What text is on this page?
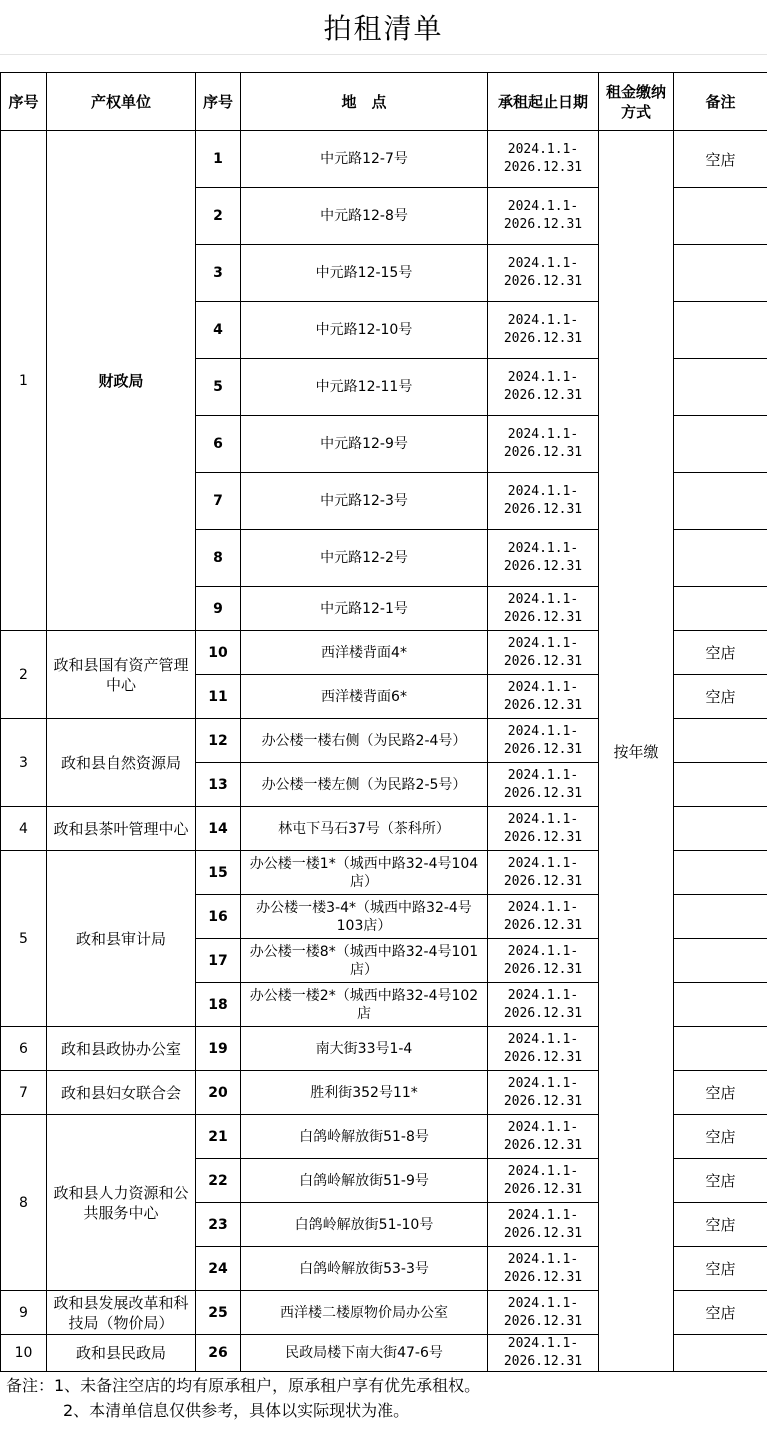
拍租清单
序号	产权单位	序号	地　点	承租起止日期	租金缴纳方式	备注
1	财政局	1	中元路12-7号	2024.1.1-
2026.12.31	按年缴	空店
		2	中元路12-8号	2024.1.1-
2026.12.31		

		3	中元路12-15号	2024.1.1-
2026.12.31		

		4	中元路12-10号	2024.1.1-
2026.12.31		

		5	中元路12-11号	2024.1.1-
2026.12.31		

		6	中元路12-9号	2024.1.1-
2026.12.31		

		7	中元路12-3号	2024.1.1-
2026.12.31		

		8	中元路12-2号	2024.1.1-
2026.12.31		

		9	中元路12-1号	2024.1.1-
2026.12.31		

2	政和县国有资产管理中心	10	西洋楼背面4*	2024.1.1-
2026.12.31		空店
		11	西洋楼背面6*	2024.1.1-
2026.12.31		空店
3	政和县自然资源局	12	办公楼一楼右侧（为民路2-4号）	2024.1.1-
2026.12.31		

		13	办公楼一楼左侧（为民路2-5号）	2024.1.1-
2026.12.31		

4	政和县茶叶管理中心	14	林屯下马石37号（茶科所）	2024.1.1-
2026.12.31		

5	政和县审计局	15	办公楼一楼1*（城西中路32-4号104店）	2024.1.1-
2026.12.31		

		16	办公楼一楼3-4*（城西中路32-4号103店）	2024.1.1-
2026.12.31		

		17	办公楼一楼8*（城西中路32-4号101店）	2024.1.1-
2026.12.31		

		18	办公楼一楼2*（城西中路32-4号102店	2024.1.1-
2026.12.31		

6	政和县政协办公室	19	南大街33号1-4	2024.1.1-
2026.12.31		

7	政和县妇女联合会	20	胜利街352号11*	2024.1.1-
2026.12.31		空店
8	政和县人力资源和公共服务中心	21	白鸽岭解放街51-8号	2024.1.1-
2026.12.31		空店
		22	白鸽岭解放街51-9号	2024.1.1-
2026.12.31		空店
		23	白鸽岭解放街51-10号	2024.1.1-
2026.12.31		空店
		24	白鸽岭解放街53-3号	2024.1.1-
2026.12.31		空店
9	政和县发展改革和科技局（物价局）	25	西洋楼二楼原物价局办公室	2024.1.1-
2026.12.31		空店
10	政和县民政局	26	民政局楼下南大街47-6号	2024.1.1-
2026.12.31		

备注：1、未备注空店的均有原承租户，原承租户享有优先承租权。
2、本清单信息仅供参考，具体以实际现状为准。
